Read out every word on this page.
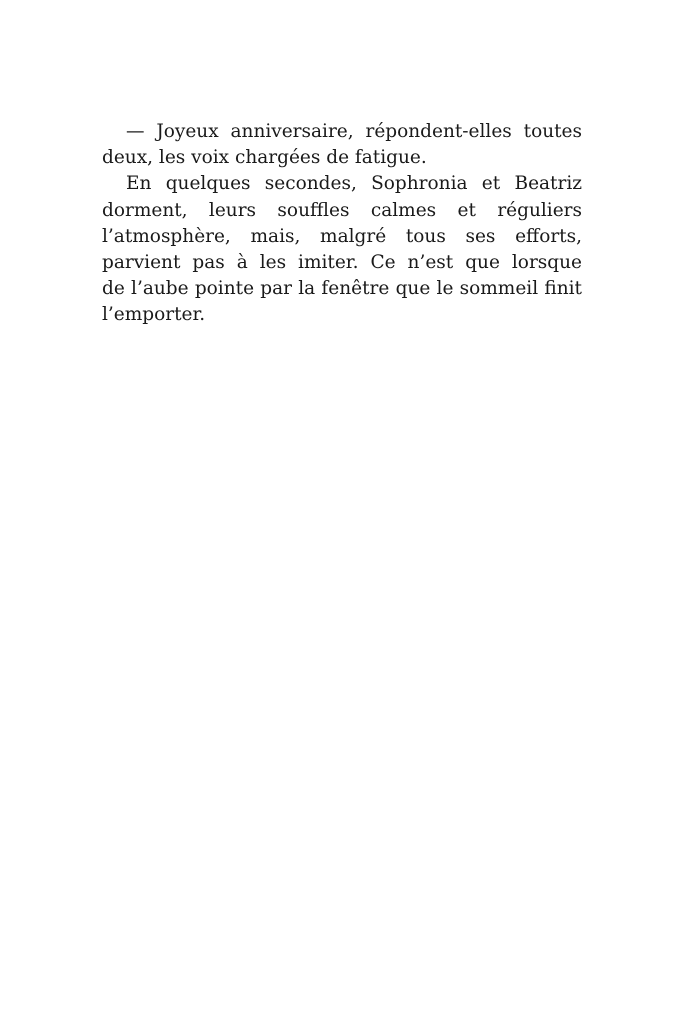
— Joyeux anniversaire, répondent-elles toutes
deux, les voix chargées de fatigue.
En quelques secondes, Sophronia et Beatriz
dorment, leurs souffles calmes et réguliers
l’atmosphère, mais, malgré tous ses efforts,
parvient pas à les imiter. Ce n’est que lorsque
de l’aube pointe par la fenêtre que le sommeil finit
l’emporter.
